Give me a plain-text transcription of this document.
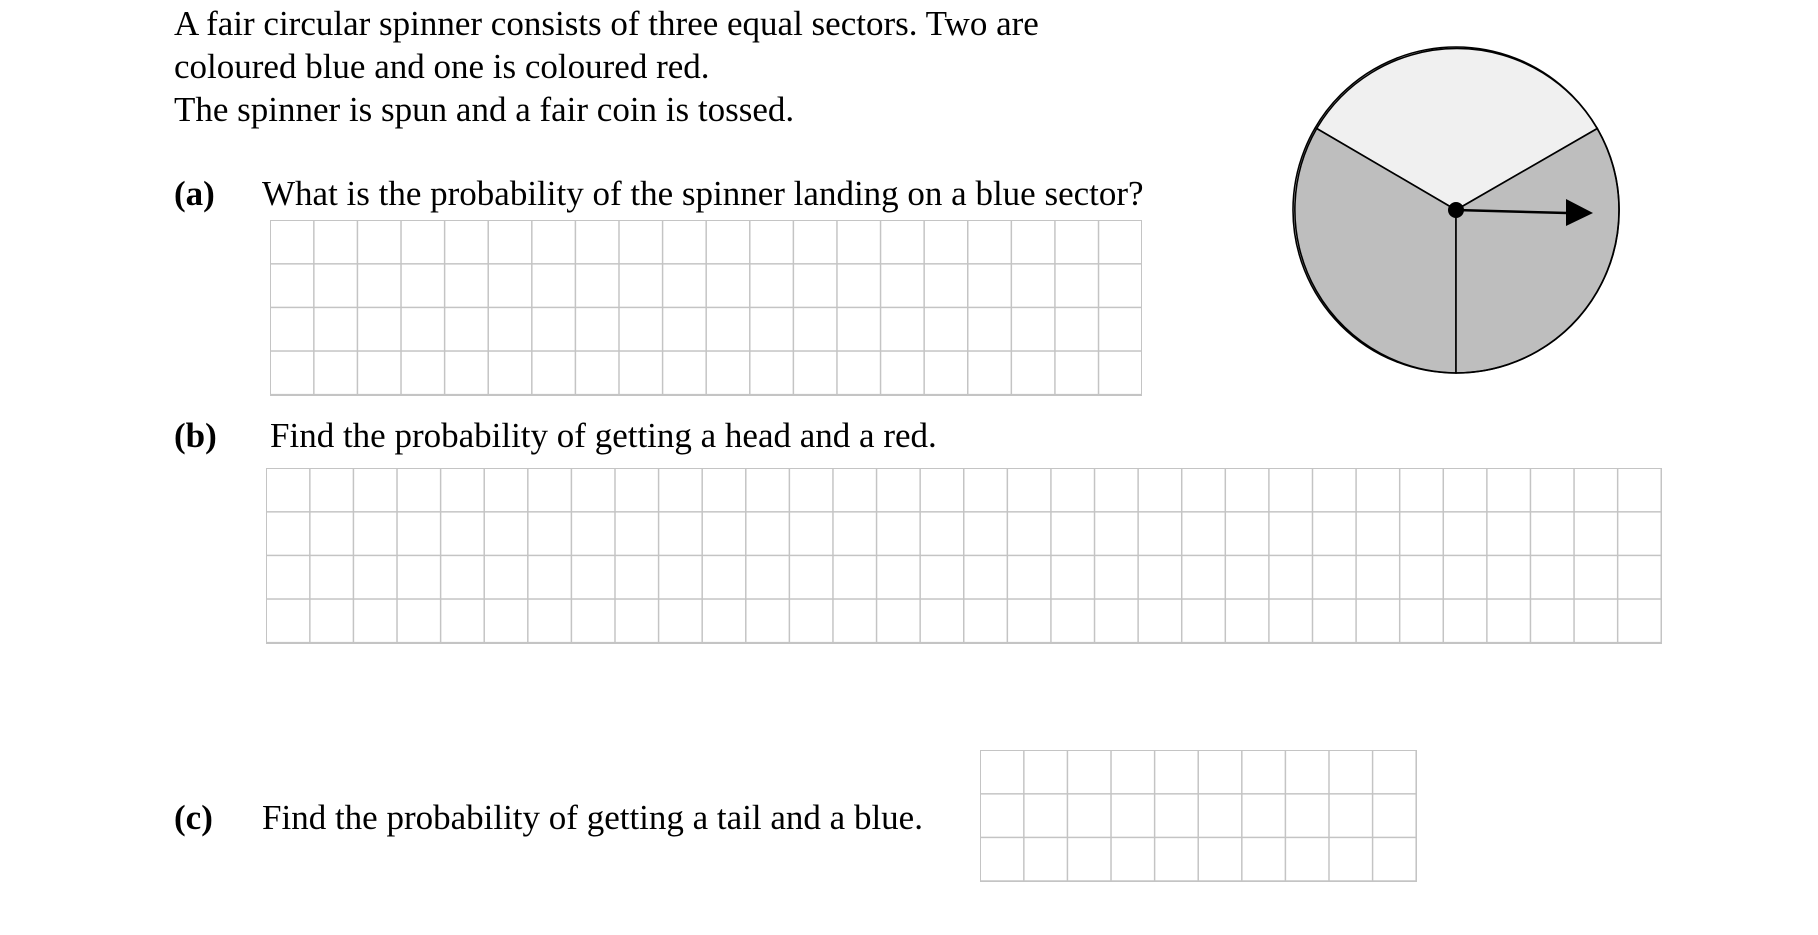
A fair circular spinner consists of three equal sectors. Two are
coloured blue and one is coloured red.
The spinner is spun and a fair coin is tossed.
(a) What is the probability of the spinner landing on a blue sector?
(b) Find the probability of getting a head and a red.
(c) Find the probability of getting a tail and a blue.
